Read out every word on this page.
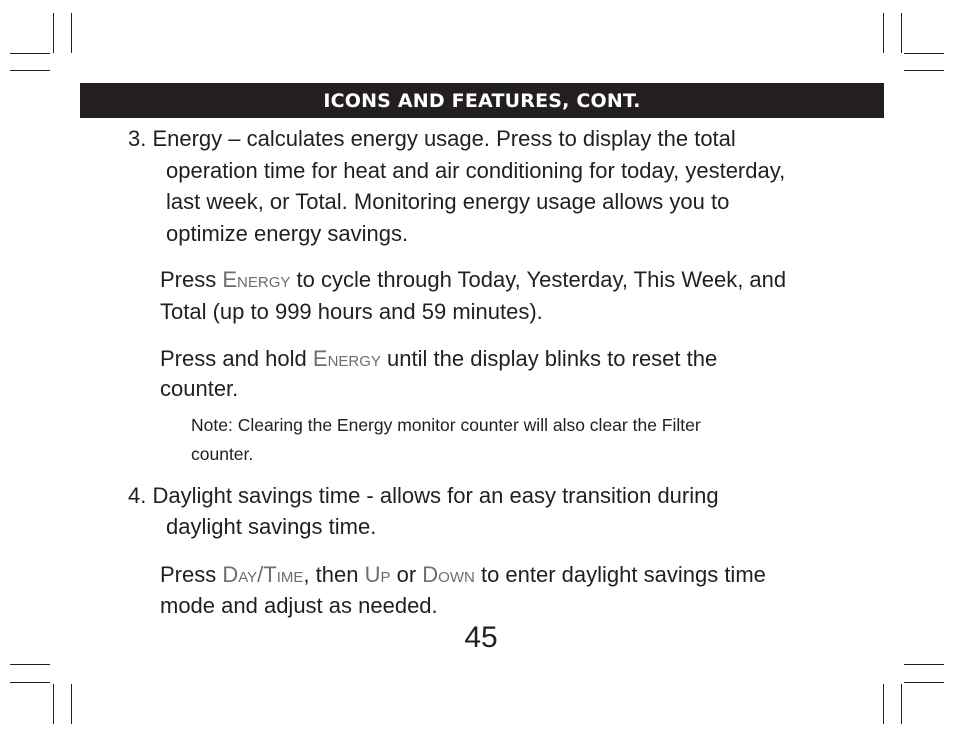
ICONS AND FEATURES, CONT.
3. Energy – calculates energy usage. Press to display the total
operation time for heat and air conditioning for today, yesterday,
last week, or Total. Monitoring energy usage allows you to
optimize energy savings.
Press Energy to cycle through Today, Yesterday, This Week, and
Total (up to 999 hours and 59 minutes).
Press and hold Energy until the display blinks to reset the
counter.
Note: Clearing the Energy monitor counter will also clear the Filter
counter.
4. Daylight savings time - allows for an easy transition during
daylight savings time.
Press Day/Time, then Up or Down to enter daylight savings time
mode and adjust as needed.
45
